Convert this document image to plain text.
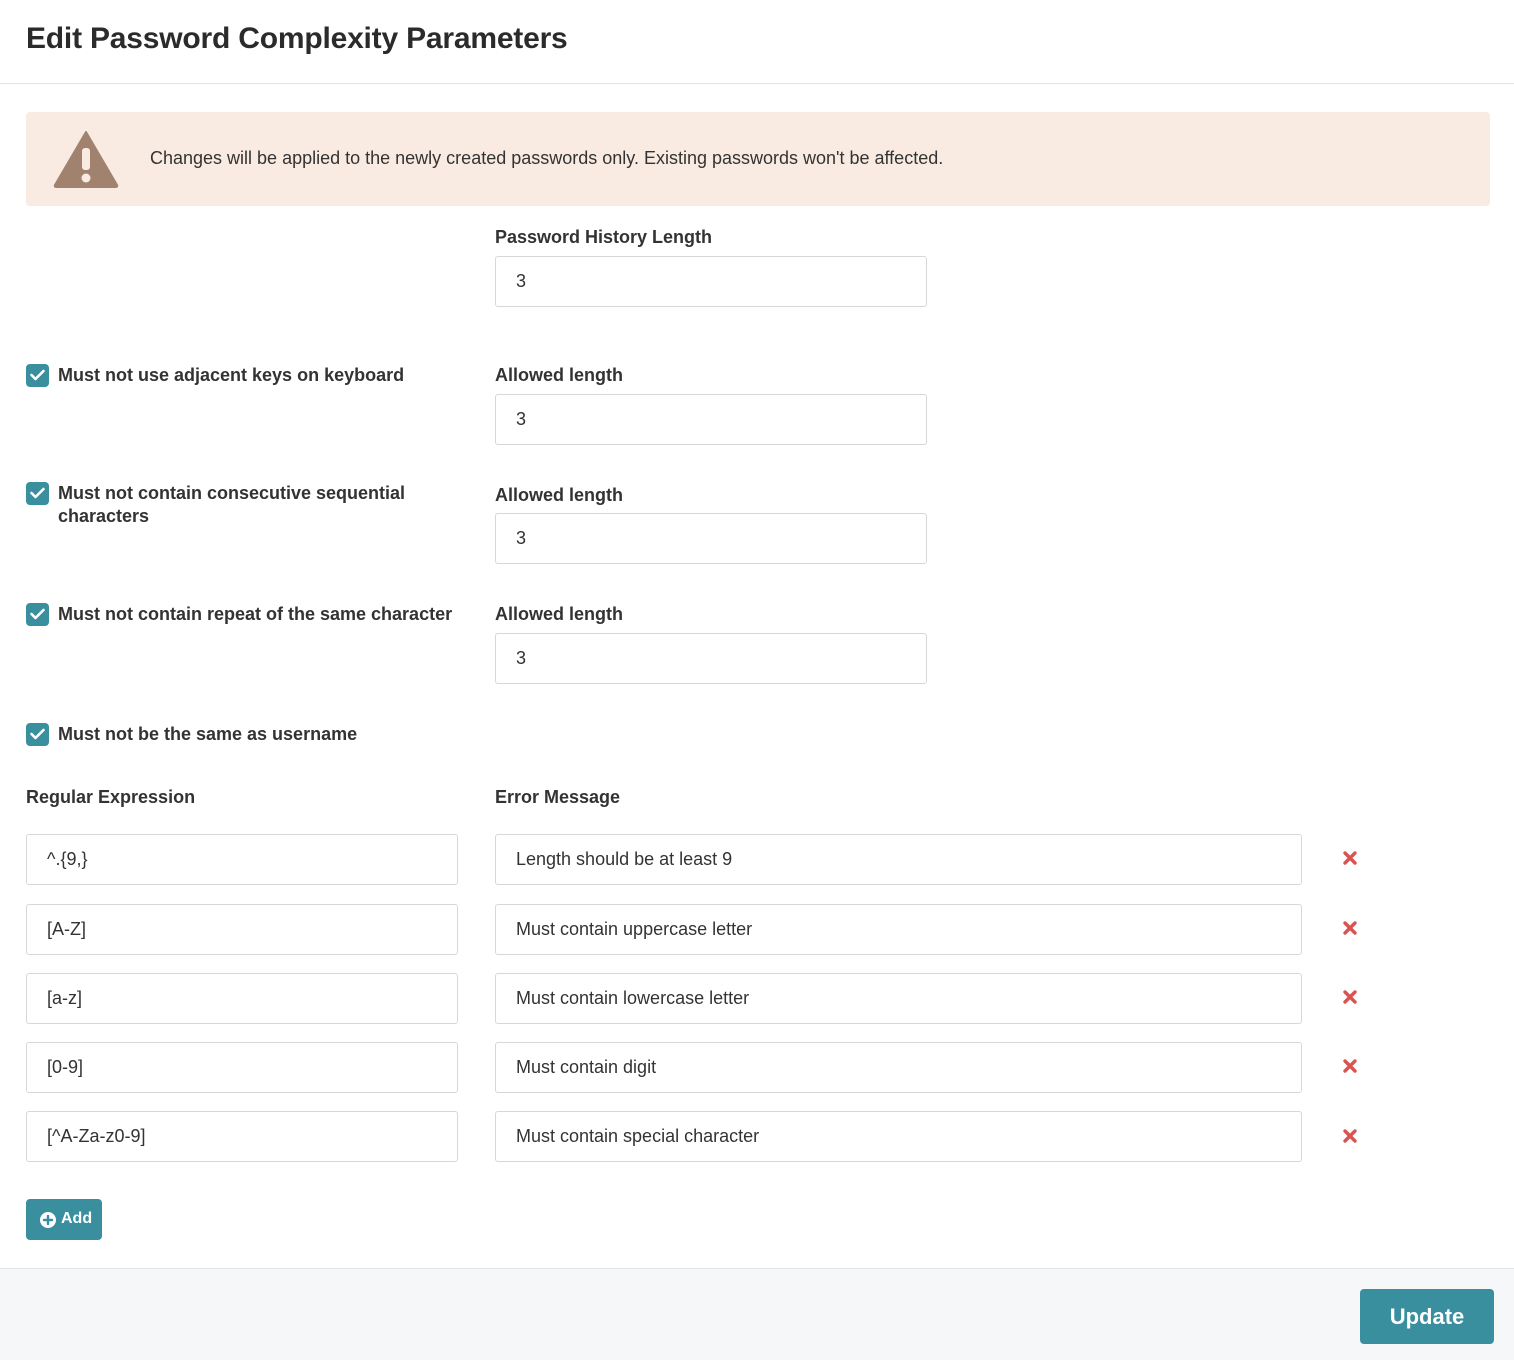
Edit Password Complexity Parameters
Changes will be applied to the newly created passwords only. Existing passwords won't be affected.
Password History Length
3
Must not use adjacent keys on keyboard	Allowed length
3
Must not contain consecutive sequential characters
Allowed length
3
Must not contain repeat of the same character	Allowed length
3
Must not be the same as username
Regular Expression	Error Message
^.{9,}	Length should be at least 9
[A-Z]	Must contain uppercase letter
[a-z]	Must contain lowercase letter
[0-9]	Must contain digit
[^A-Za-z0-9]	Must contain special character
Add
Update
